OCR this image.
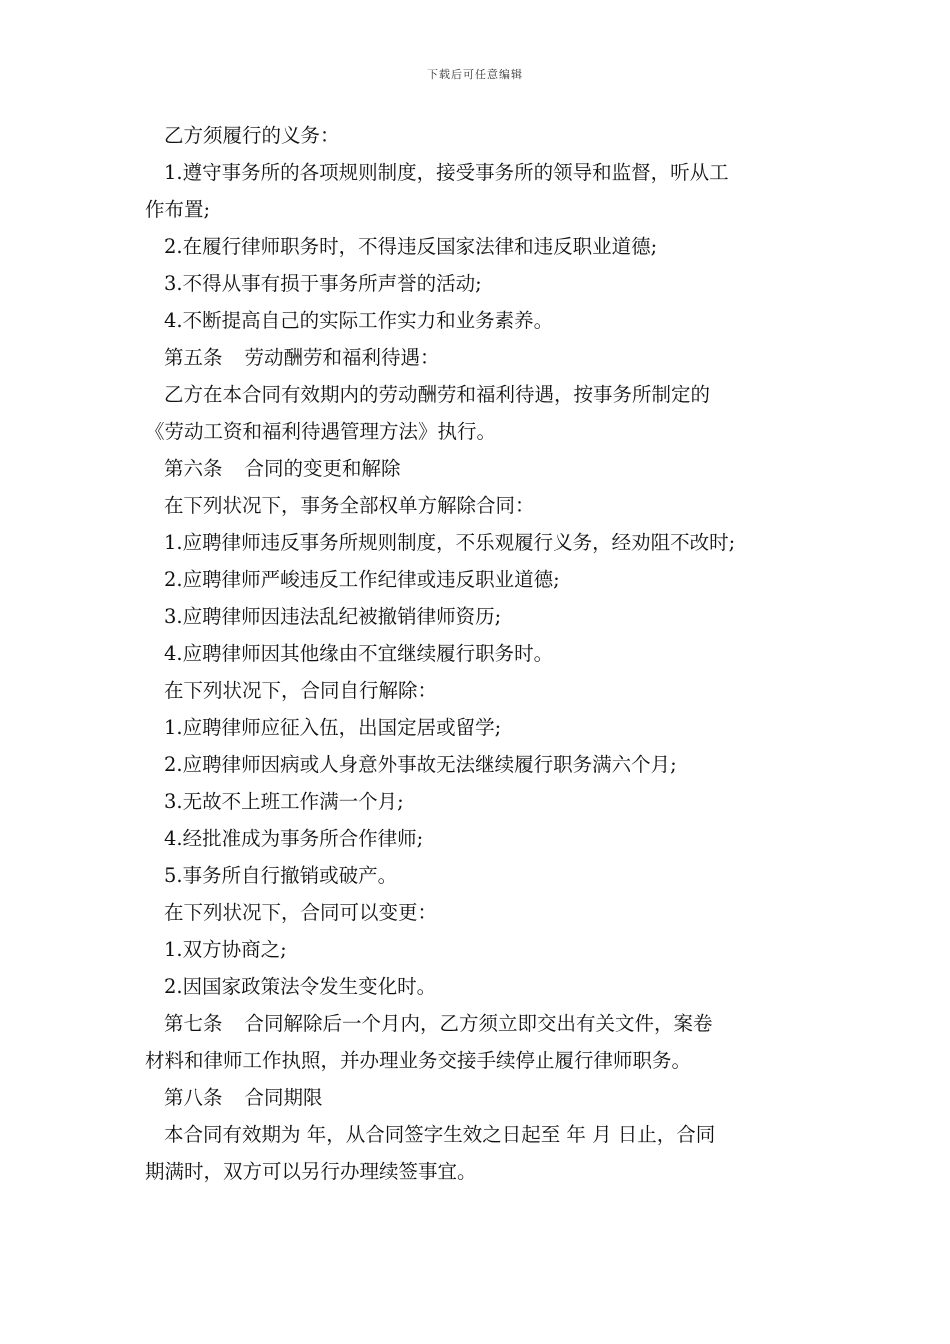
下载后可任意编辑

乙方须履行的义务：

1.遵守事务所的各项规则制度，接受事务所的领导和监督，听从工

作布置;

2.在履行律师职务时，不得违反国家法律和违反职业道德;

3.不得从事有损于事务所声誉的活动;

4.不断提高自己的实际工作实力和业务素养。

第五条 劳动酬劳和福利待遇：

乙方在本合同有效期内的劳动酬劳和福利待遇，按事务所制定的

《劳动工资和福利待遇管理方法》执行。

第六条 合同的变更和解除

在下列状况下，事务全部权单方解除合同：

1.应聘律师违反事务所规则制度，不乐观履行义务，经劝阻不改时;

2.应聘律师严峻违反工作纪律或违反职业道德;

3.应聘律师因违法乱纪被撤销律师资历;

4.应聘律师因其他缘由不宜继续履行职务时。

在下列状况下，合同自行解除：

1.应聘律师应征入伍，出国定居或留学;

2.应聘律师因病或人身意外事故无法继续履行职务满六个月;

3.无故不上班工作满一个月;

4.经批准成为事务所合作律师;

5.事务所自行撤销或破产。

在下列状况下，合同可以变更：

1.双方协商之;

2.因国家政策法令发生变化时。

第七条 合同解除后一个月内，乙方须立即交出有关文件，案卷

材料和律师工作执照，并办理业务交接手续停止履行律师职务。

第八条 合同期限

本合同有效期为 年，从合同签字生效之日起至 年 月 日止，合同

期满时，双方可以另行办理续签事宜。
